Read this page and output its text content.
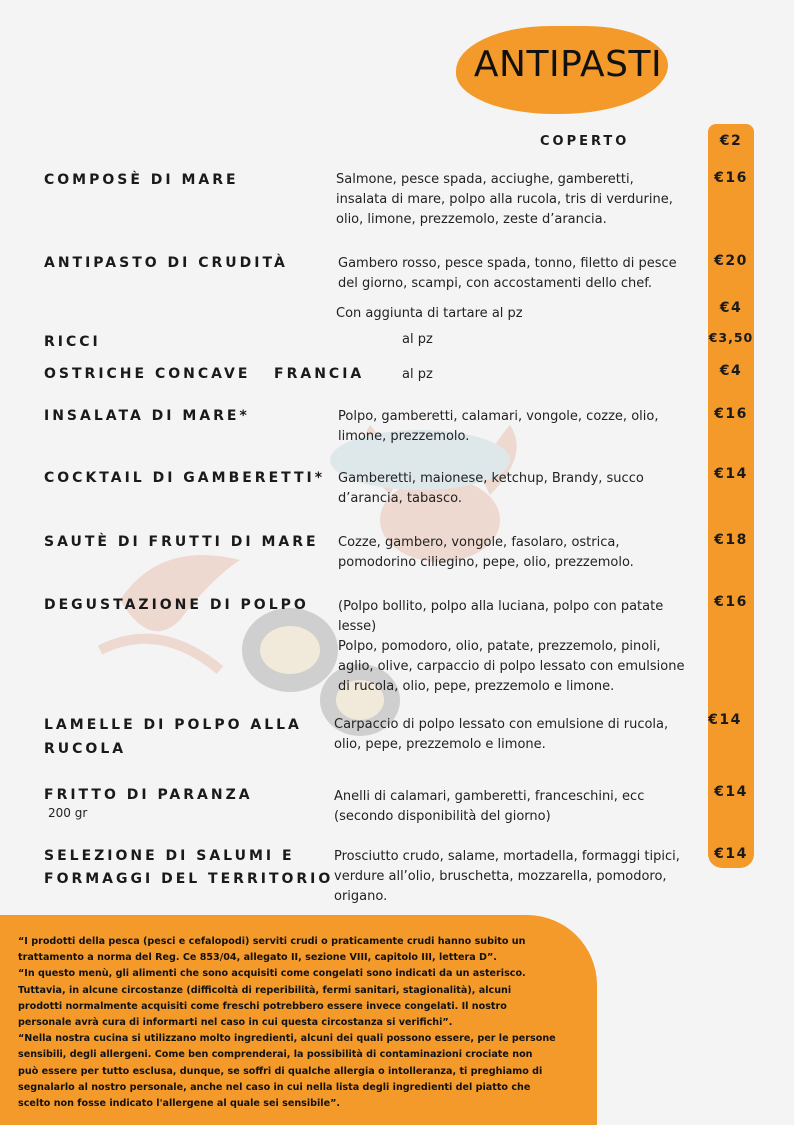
ANTIPASTI
COPERTO	€2
COMPOSÈ DI MARE	Salmone, pesce spada, acciughe, gamberetti,
insalata di mare, polpo alla rucola, tris di verdurine,
olio, limone, prezzemolo, zeste d’arancia.
€16
ANTIPASTO DI CRUDITÀ	Gambero rosso, pesce spada, tonno, filetto di pesce
del giorno, scampi, con accostamenti dello chef.
€20
Con aggiunta di tartare al pz	€4
RICCI	al pz	€3,50
OSTRICHE CONCAVE   FRANCIA	al pz	€4
INSALATA DI MARE*	Polpo, gamberetti, calamari, vongole, cozze, olio,
limone, prezzemolo.
€16
COCKTAIL DI GAMBERETTI* Gamberetti, maionese, ketchup, Brandy, succo
d’arancia, tabasco.
€14
SAUTÈ DI FRUTTI DI MARE Cozze, gambero, vongole, fasolaro, ostrica,
pomodorino ciliegino, pepe, olio, prezzemolo.
€18
DEGUSTAZIONE DI POLPO (Polpo bollito, polpo alla luciana, polpo con patate
lesse)
Polpo, pomodoro, olio, patate, prezzemolo, pinoli,
aglio, olive, carpaccio di polpo lessato con emulsione
di rucola, olio, pepe, prezzemolo e limone.
€16
LAMELLE DI POLPO ALLA
RUCOLA
Carpaccio di polpo lessato con emulsione di rucola,
olio, pepe, prezzemolo e limone.
€14
FRITTO DI PARANZA
200 gr
Anelli di calamari, gamberetti, franceschini, ecc
(secondo disponibilità del giorno)
€14
SELEZIONE DI SALUMI E
FORMAGGI DEL TERRITORIO
Prosciutto crudo, salame, mortadella, formaggi tipici,
verdure all’olio, bruschetta, mozzarella, pomodoro,
origano.
€14

“I prodotti della pesca (pesci e cefalopodi) serviti crudi o praticamente crudi hanno subito un

trattamento a norma del Reg. Ce 853/04, allegato II, sezione VIII, capitolo III, lettera D”.

“In questo menù, gli alimenti che sono acquisiti come congelati sono indicati da un asterisco.

Tuttavia, in alcune circostanze (difficoltà di reperibilità, fermi sanitari, stagionalità), alcuni

prodotti normalmente acquisiti come freschi potrebbero essere invece congelati. Il nostro

personale avrà cura di informarti nel caso in cui questa circostanza si verifichi”.

“Nella nostra cucina si utilizzano molto ingredienti, alcuni dei quali possono essere, per le persone

sensibili, degli allergeni. Come ben comprenderai, la possibilità di contaminazioni crociate non

può essere per tutto esclusa, dunque, se soffri di qualche allergia o intolleranza, ti preghiamo di

segnalarlo al nostro personale, anche nel caso in cui nella lista degli ingredienti del piatto che

scelto non fosse indicato l'allergene al quale sei sensibile”.
